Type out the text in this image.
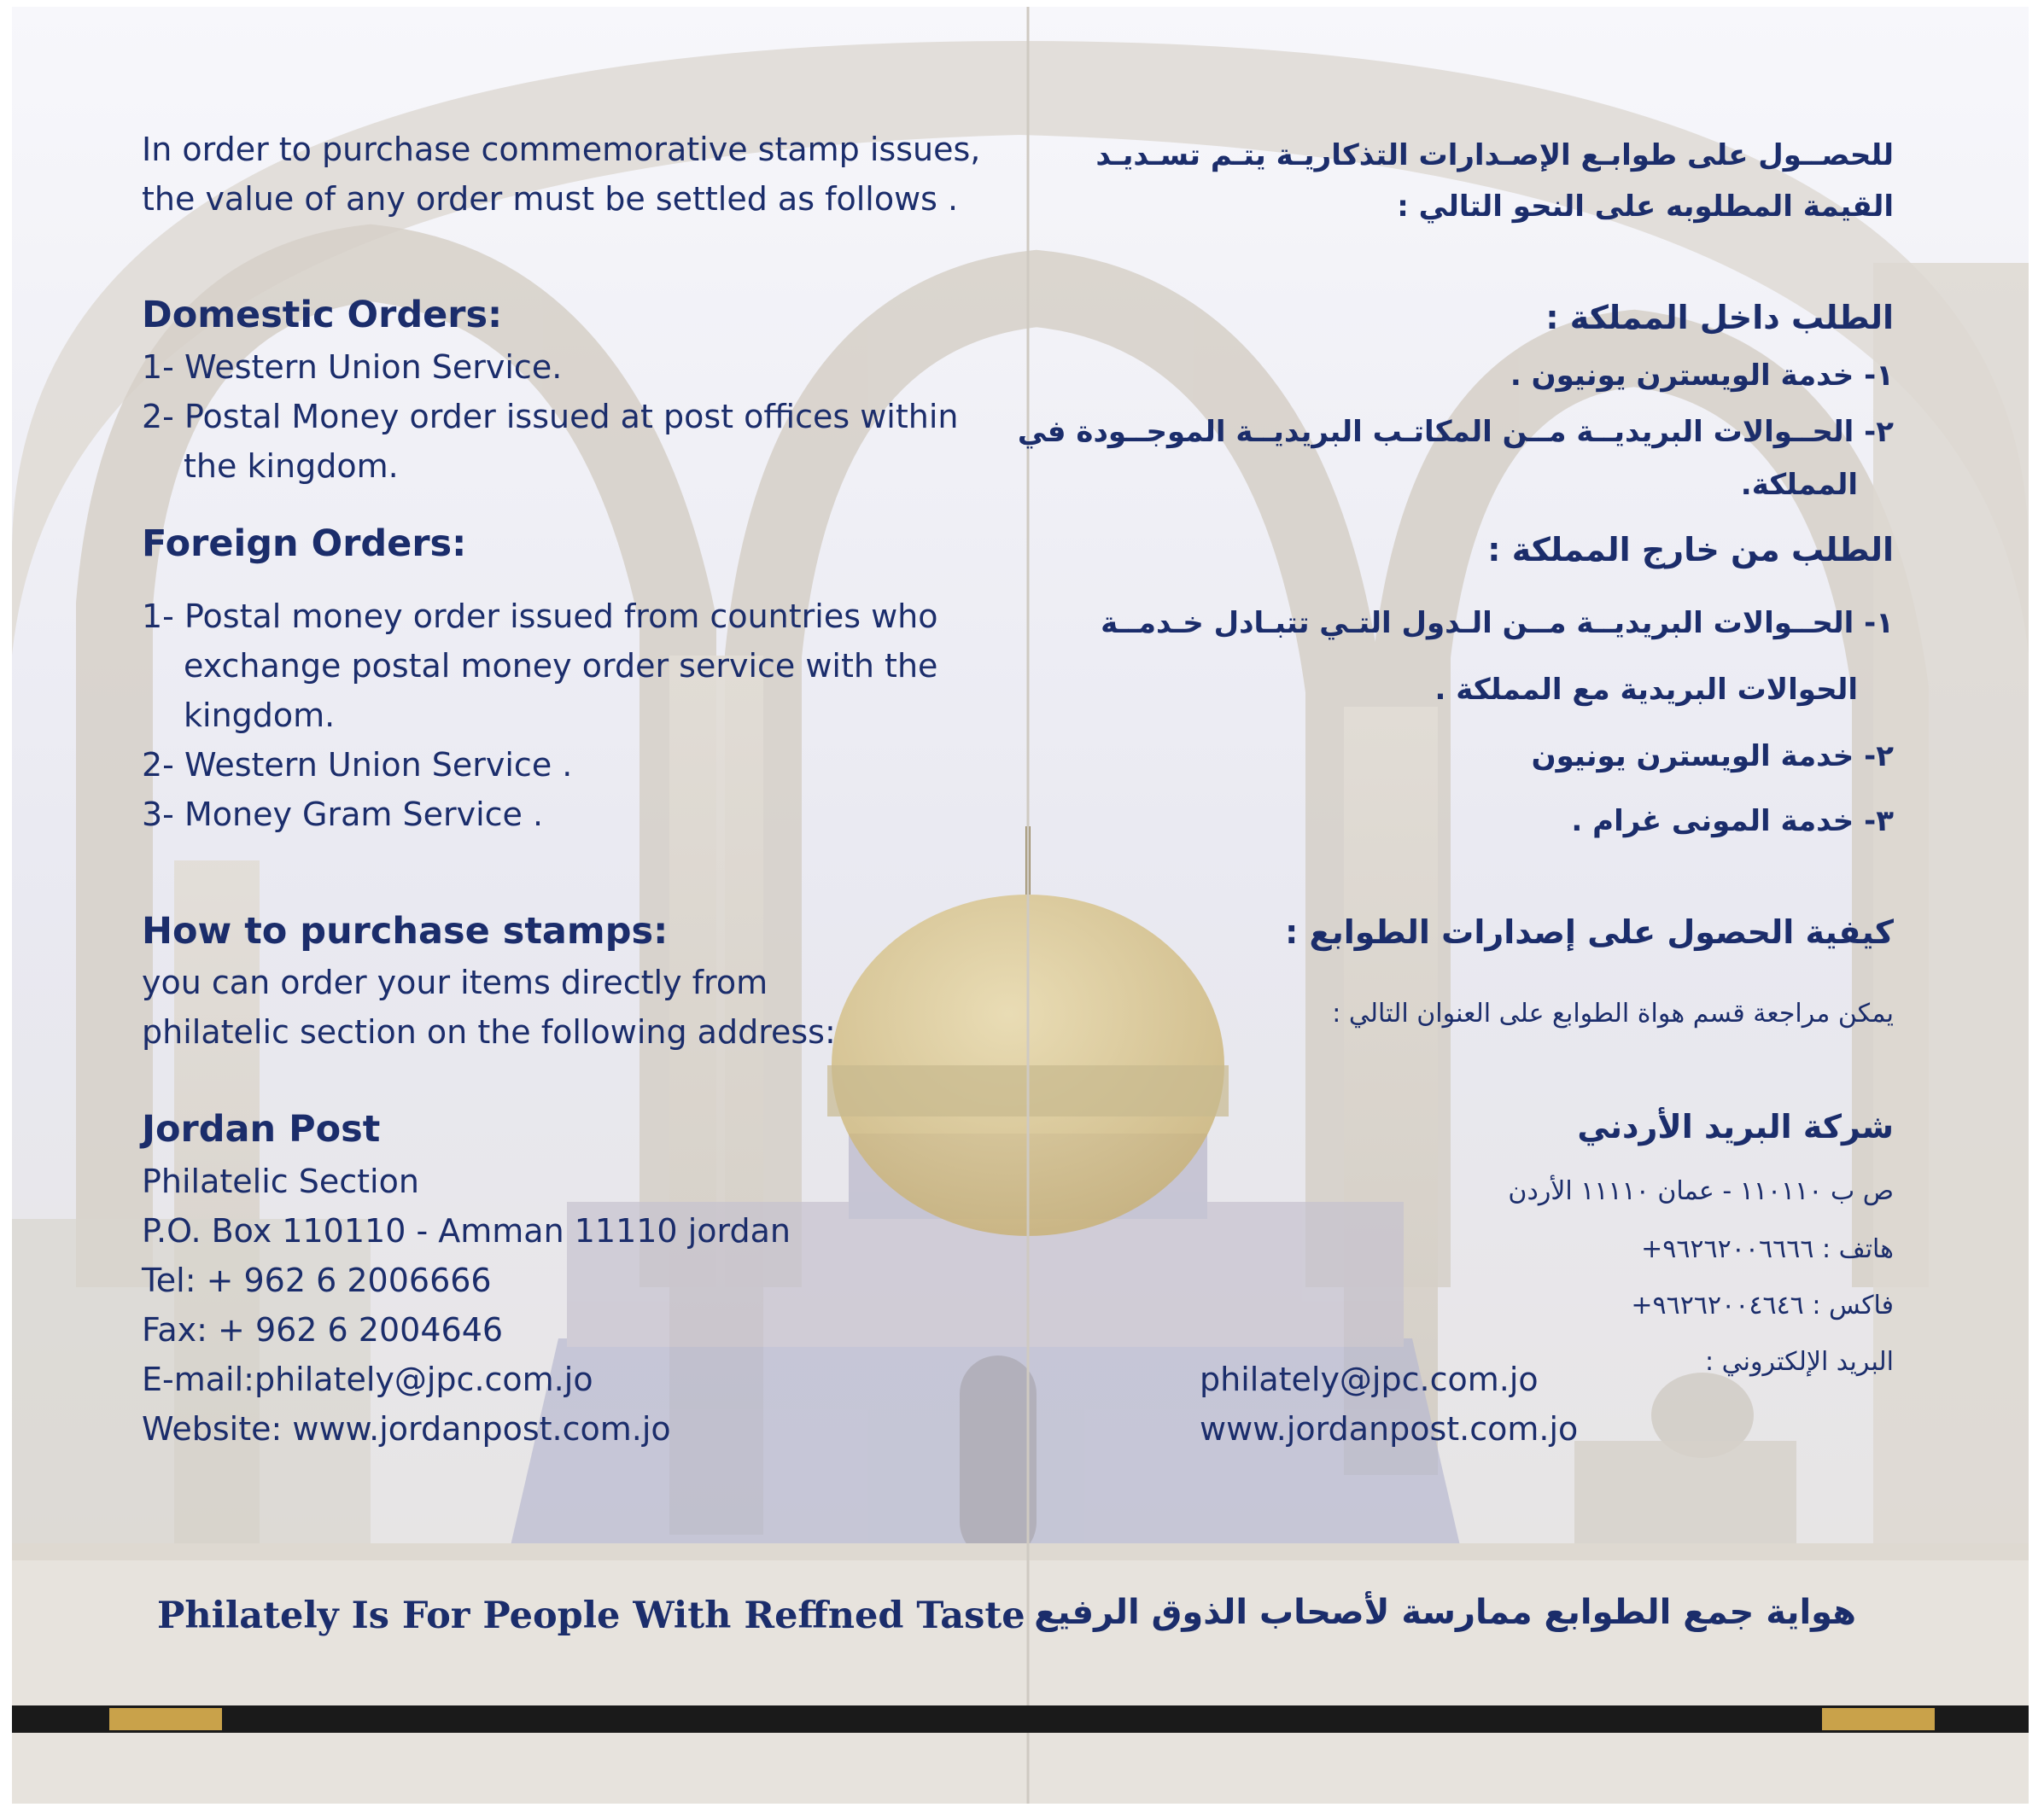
In order to purchase commemorative stamp issues,
the value of any order must be settled as follows .
Domestic Orders:
1- Western Union Service.
2- Postal Money order issued at post offices within
the kingdom.
Foreign Orders:
1- Postal money order issued from countries who
exchange postal money order service with the
kingdom.
2- Western Union Service .
3- Money Gram Service .
How to purchase stamps:
you can order your items directly from
philatelic section on the following address:
Jordan Post
Philatelic Section
P.O. Box 110110 - Amman 11110 jordan
Tel: + 962 6 2006666
Fax: + 962 6 2004646
E-mail:philately@jpc.com.jo
Website: www.jordanpost.com.jo
للحصــول على طوابـع الإصـدارات التذكاريـة يتـم تسـديـد
القيمة المطلوبه على النحو التالي :
الطلب داخل المملكة :
١- خدمة الويسترن يونيون .
٢- الحــوالات البريديــة مــن المكاتـب البريديــة الموجــودة في
المملكة.
الطلب من خارج المملكة :
١- الحــوالات البريديــة مــن الـدول التـي تتبـادل خـدمــة
الحوالات البريدية مع المملكة .
٢- خدمة الويسترن يونيون
٣- خدمة المونى غرام .
كيفية الحصول على إصدارات الطوابع :
يمكن مراجعة قسم هواة الطوابع على العنوان التالي :
شركة البريد الأردني
ص ب ١١٠١١٠ - عمان ١١١١٠ الأردن
هاتف : ٩٦٢٦٢٠٠٦٦٦٦+
فاكس : ٩٦٢٦٢٠٠٤٦٤٦+
البريد الإلكتروني :
philately@jpc.com.jo
www.jordanpost.com.jo
Philately Is For People With Reffned Taste هواية جمع الطوابع ممارسة لأصحاب الذوق الرفيع
